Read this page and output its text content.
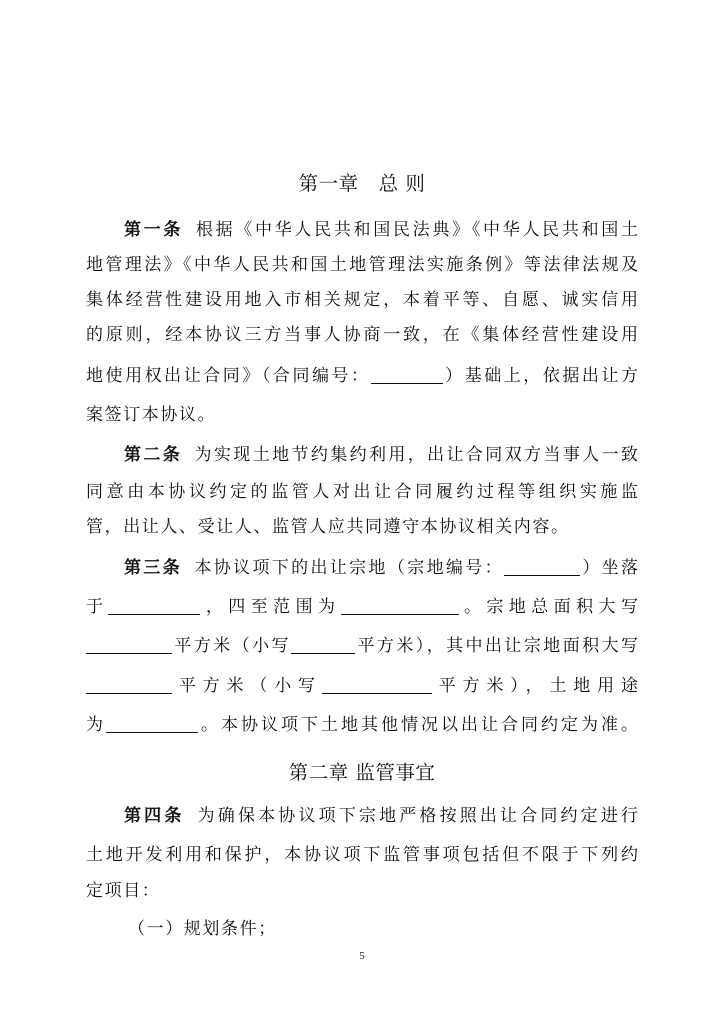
第一章　总 则
第一条 根据《中华人民共和国民法典》《中华人民共和国土
地管理法》《中华人民共和国土地管理法实施条例》等法律法规及
集体经营性建设用地入市相关规定，本着平等、自愿、诚实信用
的原则，经本协议三方当事人协商一致，在《集体经营性建设用
地使用权出让合同》（合同编号：	）基础上，依据出让方
案签订本协议。
第二条 为实现土地节约集约利用，出让合同双方当事人一致
同意由本协议约定的监管人对出让合同履约过程等组织实施监
管，出让人、受让人、监管人应共同遵守本协议相关内容。
第三条 本协议项下的出让宗地（宗地编号：	）坐落
于	，四至范围为	。宗地总面积大写
平方米（小写	平方米），其中出让宗地面积大写
平方米（小写	平方米），土地用途
为	。本协议项下土地其他情况以出让合同约定为准。
第二章 监管事宜
第四条 为确保本协议项下宗地严格按照出让合同约定进行
土地开发利用和保护，本协议项下监管事项包括但不限于下列约
定项目：
（一）规划条件；
5
